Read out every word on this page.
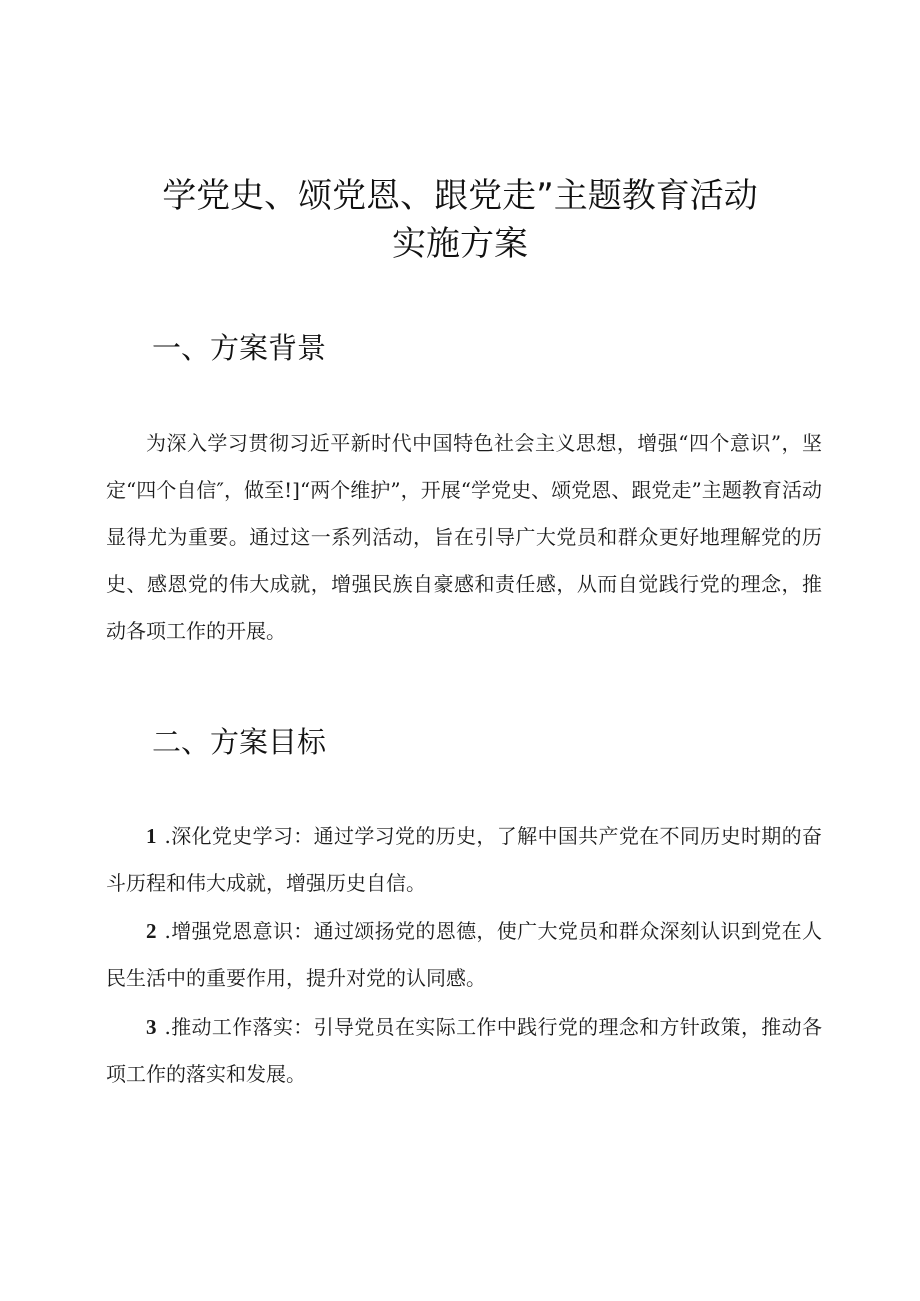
学党史、颂党恩、跟党走”主题教育活动
实施方案
一、方案背景

为深入学习贯彻习近平新时代中国特色社会主义思想，增强“四个意识”，坚定“四个自信″，做至!]“两个维护”，开展“学党史、颂党恩、跟党走”主题教育活动显得尤为重要。通过这一系列活动，旨在引导广大党员和群众更好地理解党的历史、感恩党的伟大成就，增强民族自豪感和责任感，从而自觉践行党的理念，推动各项工作的开展。

二、方案目标

1 .深化党史学习：通过学习党的历史，了解中国共产党在不同历史时期的奋斗历程和伟大成就，增强历史自信。

2 .增强党恩意识：通过颂扬党的恩德，使广大党员和群众深刻认识到党在人民生活中的重要作用，提升对党的认同感。

3 .推动工作落实：引导党员在实际工作中践行党的理念和方针政策，推动各项工作的落实和发展。
